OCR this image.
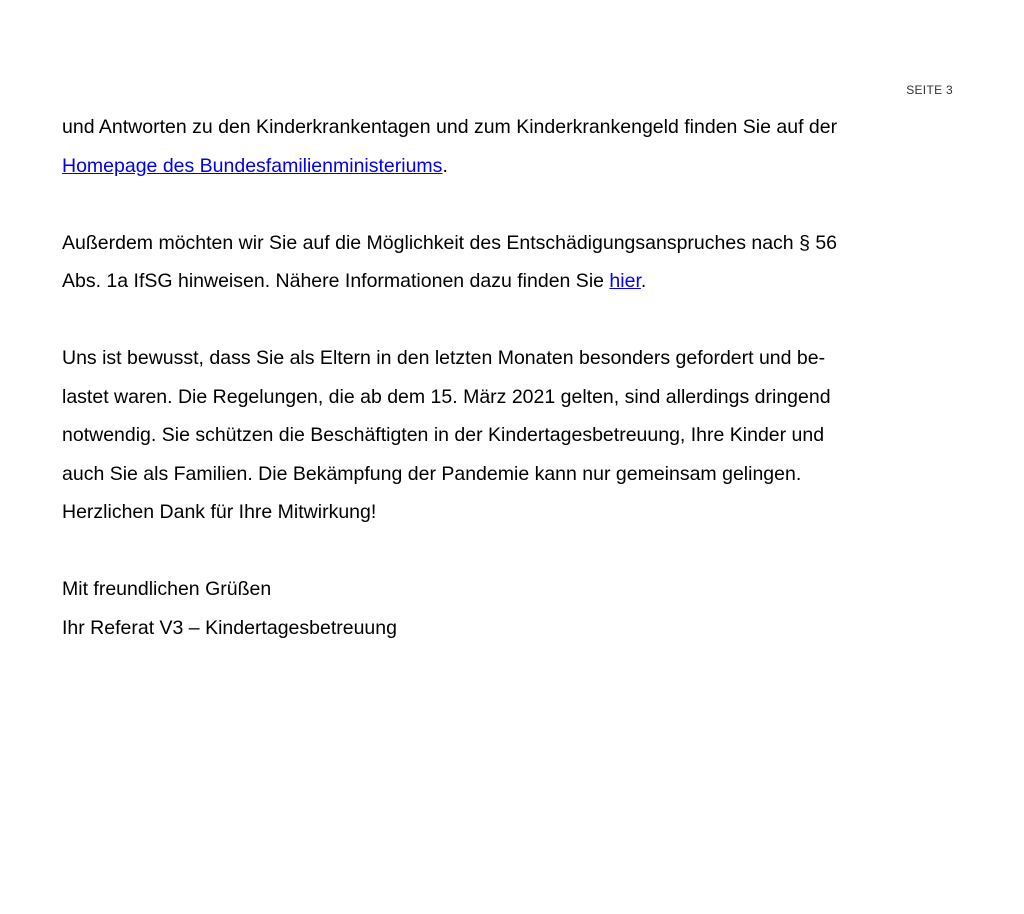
SEITE 3

und Antworten zu den Kinderkrankentagen und zum Kinderkrankengeld finden Sie auf der
Homepage des Bundesfamilienministeriums.

Außerdem möchten wir Sie auf die Möglichkeit des Entschädigungsanspruches nach § 56
Abs. 1a IfSG hinweisen. Nähere Informationen dazu finden Sie hier.

Uns ist bewusst, dass Sie als Eltern in den letzten Monaten besonders gefordert und be-
lastet waren. Die Regelungen, die ab dem 15. März 2021 gelten, sind allerdings dringend
notwendig. Sie schützen die Beschäftigten in der Kindertagesbetreuung, Ihre Kinder und
auch Sie als Familien. Die Bekämpfung der Pandemie kann nur gemeinsam gelingen.
Herzlichen Dank für Ihre Mitwirkung!

Mit freundlichen Grüßen
Ihr Referat V3 – Kindertagesbetreuung
